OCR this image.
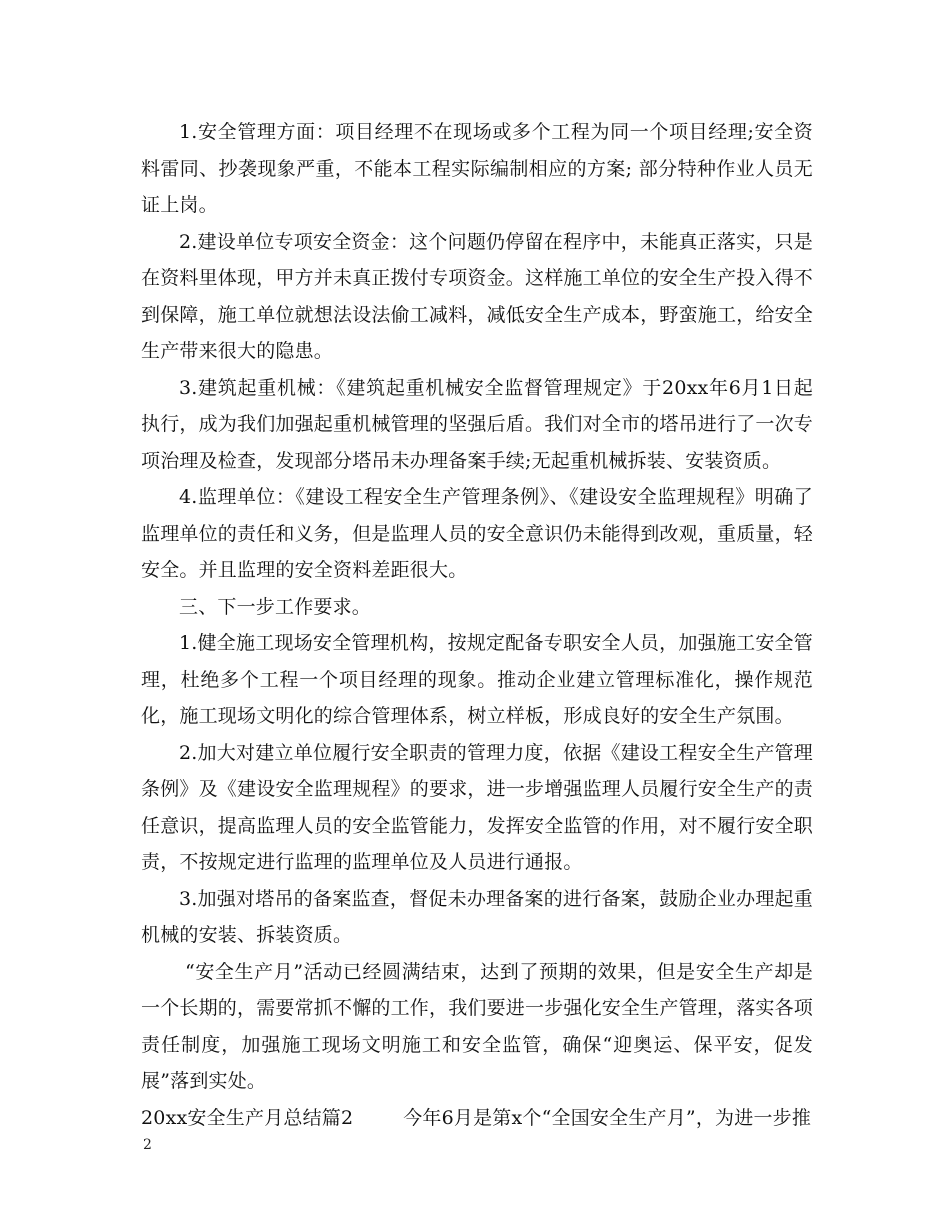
1.安全管理方面：项目经理不在现场或多个工程为同一个项目经理;安全资料雷同、抄袭现象严重，不能本工程实际编制相应的方案; 部分特种作业人员无证上岗。

2.建设单位专项安全资金：这个问题仍停留在程序中，未能真正落实，只是在资料里体现，甲方并未真正拨付专项资金。这样施工单位的安全生产投入得不到保障，施工单位就想法设法偷工减料，减低安全生产成本，野蛮施工，给安全生产带来很大的隐患。

3.建筑起重机械：《建筑起重机械安全监督管理规定》于20xx年6月1日起执行，成为我们加强起重机械管理的坚强后盾。我们对全市的塔吊进行了一次专项治理及检查，发现部分塔吊未办理备案手续;无起重机械拆装、安装资质。

4.监理单位：《建设工程安全生产管理条例》、《建设安全监理规程》明确了监理单位的责任和义务，但是监理人员的安全意识仍未能得到改观，重质量，轻安全。并且监理的安全资料差距很大。

三、下一步工作要求。

1.健全施工现场安全管理机构，按规定配备专职安全人员，加强施工安全管理，杜绝多个工程一个项目经理的现象。推动企业建立管理标准化，操作规范化，施工现场文明化的综合管理体系，树立样板，形成良好的安全生产氛围。

2.加大对建立单位履行安全职责的管理力度，依据《建设工程安全生产管理条例》及《建设安全监理规程》的要求，进一步增强监理人员履行安全生产的责任意识，提高监理人员的安全监管能力，发挥安全监管的作用，对不履行安全职责，不按规定进行监理的监理单位及人员进行通报。

3.加强对塔吊的备案监查，督促未办理备案的进行备案，鼓励企业办理起重机械的安装、拆装资质。

“安全生产月”活动已经圆满结束，达到了预期的效果，但是安全生产却是一个长期的，需要常抓不懈的工作，我们要进一步强化安全生产管理，落实各项责任制度，加强施工现场文明施工和安全监管，确保“迎奥运、保平安，促发展”落到实处。

20xx安全生产月总结篇2	今年6月是第x个“全国安全生产月”，为进一步推

2
